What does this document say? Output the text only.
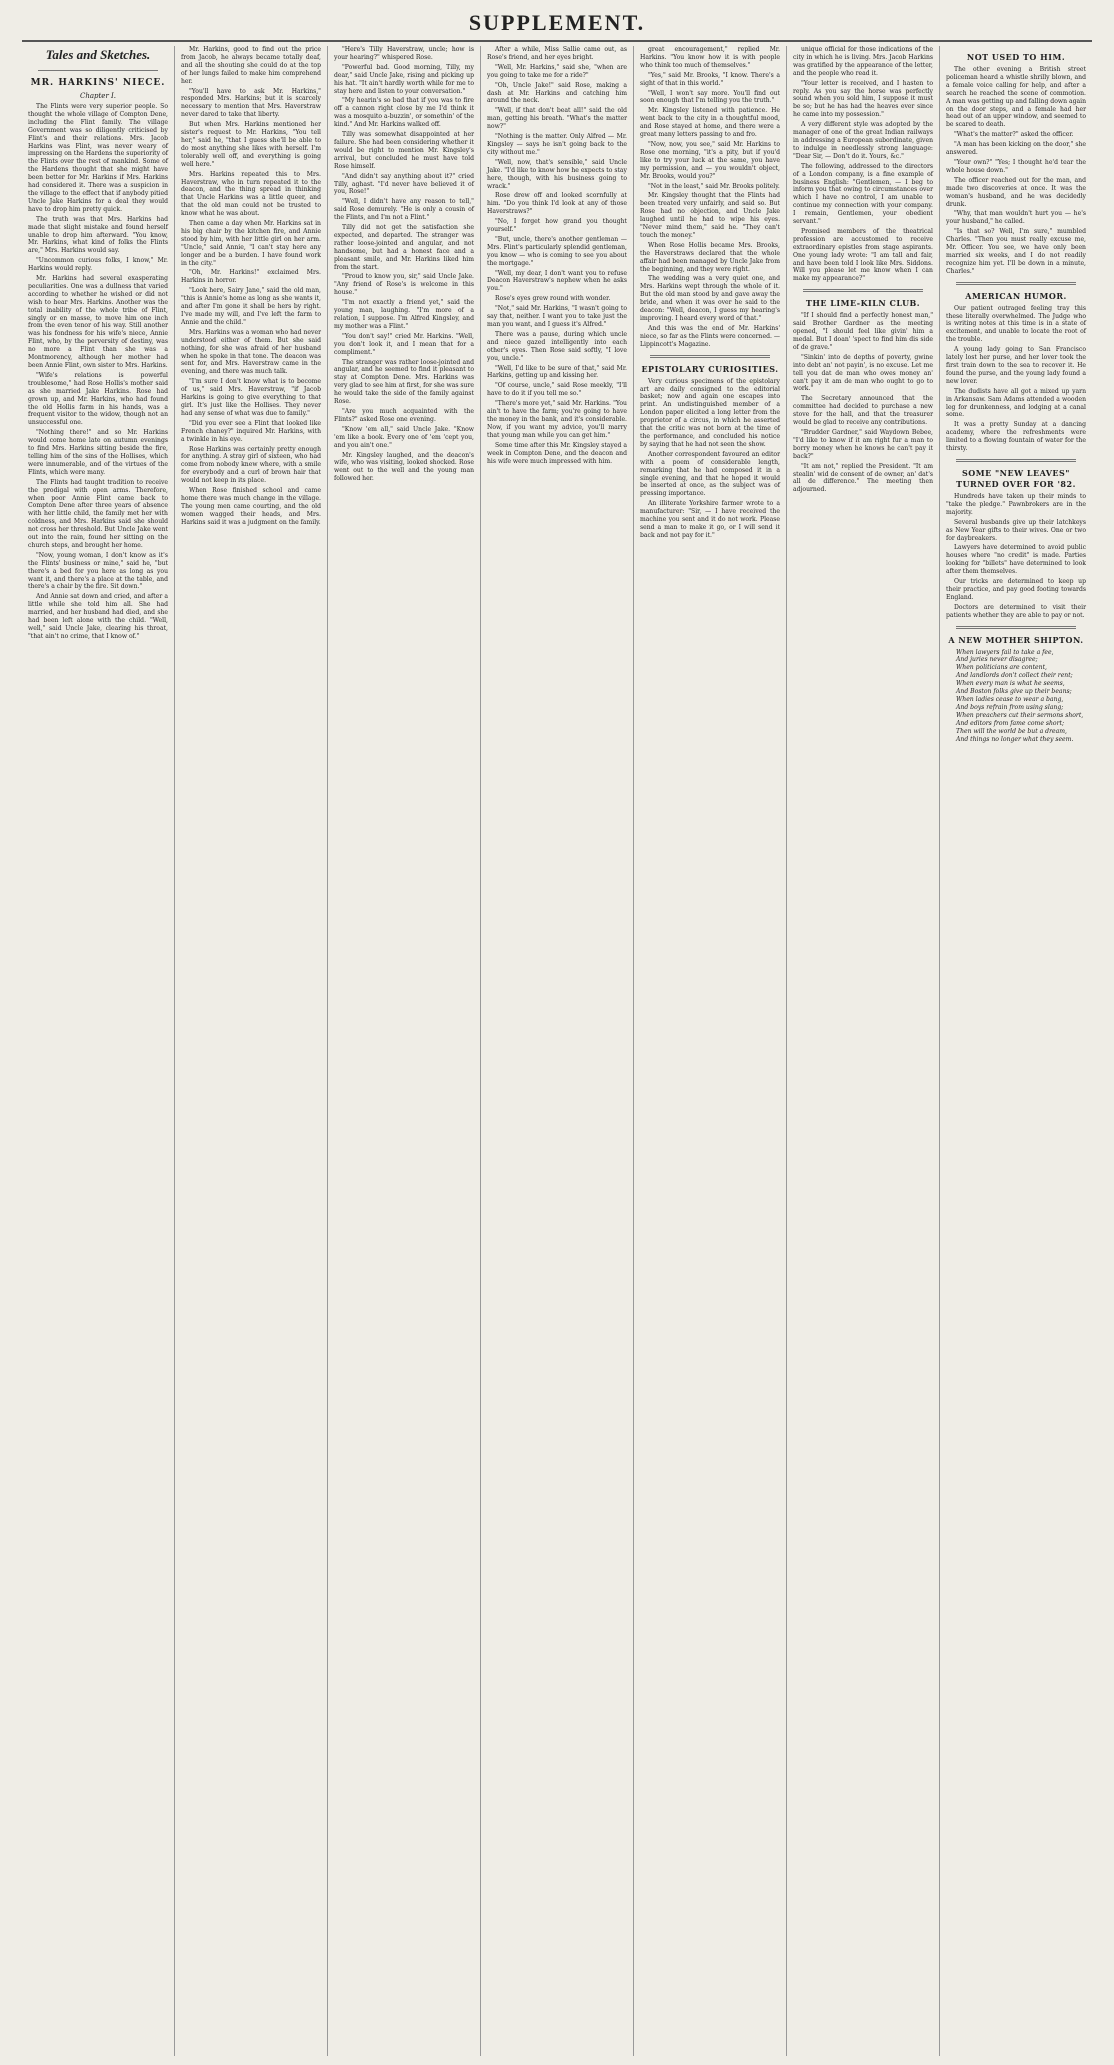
SUPPLEMENT.
Tales and Sketches.
MR. HARKINS' NIECE.
Chapter I.

The Flints were very superior people. So thought the whole village of Compton Dene, including the Flint family. The village Government was so diligently criticised by Flint's and their relations. Mrs. Jacob Harkins was Flint, was never weary of impressing on the Hardens the superiority of the Flints over the rest of mankind. Some of the Hardens thought that she might have been better for Mr. Harkins if Mrs. Harkins had considered it. There was a suspicion in the village to the effect that if anybody pitied Uncle Jake Harkins for a deal they would have to drop him pretty quick.

The truth was that Mrs. Harkins had made that slight mistake and found herself unable to drop him afterward. "You know, Mr. Harkins, what kind of folks the Flints are," Mrs. Harkins would say.

"Uncommon curious folks, I know," Mr. Harkins would reply.

Mr. Harkins had several exasperating peculiarities. One was a dullness that varied according to whether he wished or did not wish to hear Mrs. Harkins. Another was the total inability of the whole tribe of Flint, singly or en masse, to move him one inch from the even tenor of his way. Still another was his fondness for his wife's niece, Annie Flint, who, by the perversity of destiny, was no more a Flint than she was a Montmorency, although her mother had been Annie Flint, own sister to Mrs. Harkins.

"Wife's relations is powerful troublesome," had Rose Hollis's mother said as she married Jake Harkins. Rose had grown up, and Mr. Harkins, who had found the old Hollis farm in his hands, was a frequent visitor to the widow, though not an unsuccessful one.

"Nothing there!" and so Mr. Harkins would come home late on autumn evenings to find Mrs. Harkins sitting beside the fire, telling him of the sins of the Hollises, which were innumerable, and of the virtues of the Flints, which were many.

The Flints had taught tradition to receive the prodigal with open arms. Therefore, when poor Annie Flint came back to Compton Dene after three years of absence with her little child, the family met her with coldness, and Mrs. Harkins said she should not cross her threshold. But Uncle Jake went out into the rain, found her sitting on the church steps, and brought her home.

"Now, young woman, I don't know as it's the Flints' business or mine," said he, "but there's a bed for you here as long as you want it, and there's a place at the table, and there's a chair by the fire. Sit down."

And Annie sat down and cried, and after a little while she told him all. She had married, and her husband had died, and she had been left alone with the child. "Well, well," said Uncle Jake, clearing his throat, "that ain't no crime, that I know of."

Mr. Harkins, good to find out the price from Jacob, he always became totally deaf, and all the shouting she could do at the top of her lungs failed to make him comprehend her.

"You'll have to ask Mr. Harkins," responded Mrs. Harkins; but it is scarcely necessary to mention that Mrs. Haverstraw never dared to take that liberty.

But when Mrs. Harkins mentioned her sister's request to Mr. Harkins, "You tell her," said he, "that I guess she'll be able to do most anything she likes with herself. I'm tolerably well off, and everything is going well here."

Mrs. Harkins repeated this to Mrs. Haverstraw, who in turn repeated it to the deacon, and the thing spread in thinking that Uncle Harkins was a little queer, and that the old man could not be trusted to know what he was about.

Then came a day when Mr. Harkins sat in his big chair by the kitchen fire, and Annie stood by him, with her little girl on her arm. "Uncle," said Annie, "I can't stay here any longer and be a burden. I have found work in the city."

"Oh, Mr. Harkins!" exclaimed Mrs. Harkins in horror.

"Look here, Sairy Jane," said the old man, "this is Annie's home as long as she wants it, and after I'm gone it shall be hers by right. I've made my will, and I've left the farm to Annie and the child."

Mrs. Harkins was a woman who had never understood either of them. But she said nothing, for she was afraid of her husband when he spoke in that tone. The deacon was sent for, and Mrs. Haverstraw came in the evening, and there was much talk.

"I'm sure I don't know what is to become of us," said Mrs. Haverstraw, "if Jacob Harkins is going to give everything to that girl. It's just like the Hollises. They never had any sense of what was due to family."

"Did you ever see a Flint that looked like French chaney?" inquired Mr. Harkins, with a twinkle in his eye.

Rose Harkins was certainly pretty enough for anything. A stray girl of sixteen, who had come from nobody knew where, with a smile for everybody and a curl of brown hair that would not keep in its place.

When Rose finished school and came home there was much change in the village. The young men came courting, and the old women wagged their heads, and Mrs. Harkins said it was a judgment on the family.

"Here's Tilly Haverstraw, uncle; how is your hearing?" whispered Rose.

"Powerful bad. Good morning, Tilly, my dear," said Uncle Jake, rising and picking up his hat. "It ain't hardly worth while for me to stay here and listen to your conversation."

"My hearin's so bad that if you was to fire off a cannon right close by me I'd think it was a mosquito a-buzzin', or somethin' of the kind." And Mr. Harkins walked off.

Tilly was somewhat disappointed at her failure. She had been considering whether it would be right to mention Mr. Kingsley's arrival, but concluded he must have told Rose himself.

"And didn't say anything about it?" cried Tilly, aghast. "I'd never have believed it of you, Rose!"

"Well, I didn't have any reason to tell," said Rose demurely. "He is only a cousin of the Flints, and I'm not a Flint."

Tilly did not get the satisfaction she expected, and departed. The stranger was rather loose-jointed and angular, and not handsome, but had a honest face and a pleasant smile, and Mr. Harkins liked him from the start.

"Proud to know you, sir," said Uncle Jake. "Any friend of Rose's is welcome in this house."

"I'm not exactly a friend yet," said the young man, laughing. "I'm more of a relation, I suppose. I'm Alfred Kingsley, and my mother was a Flint."

"You don't say!" cried Mr. Harkins. "Well, you don't look it, and I mean that for a compliment."

The stranger was rather loose-jointed and angular, and he seemed to find it pleasant to stay at Compton Dene. Mrs. Harkins was very glad to see him at first, for she was sure he would take the side of the family against Rose.

"Are you much acquainted with the Flints?" asked Rose one evening.

"Know 'em all," said Uncle Jake. "Know 'em like a book. Every one of 'em 'cept you, and you ain't one."

Mr. Kingsley laughed, and the deacon's wife, who was visiting, looked shocked. Rose went out to the well and the young man followed her.

After a while, Miss Sallie came out, as Rose's friend, and her eyes bright.

"Well, Mr. Harkins," said she, "when are you going to take me for a ride?"

"Oh, Uncle Jake!" said Rose, making a dash at Mr. Harkins and catching him around the neck.

"Well, if that don't beat all!" said the old man, getting his breath. "What's the matter now?"

"Nothing is the matter. Only Alfred — Mr. Kingsley — says he isn't going back to the city without me."

"Well, now, that's sensible," said Uncle Jake. "I'd like to know how he expects to stay here, though, with his business going to wrack."

Rose drew off and looked scornfully at him. "Do you think I'd look at any of those Haverstraws?"

"No, I forget how grand you thought yourself."

"But, uncle, there's another gentleman — Mrs. Flint's particularly splendid gentleman, you know — who is coming to see you about the mortgage."

"Well, my dear, I don't want you to refuse Deacon Haverstraw's nephew when he asks you."

Rose's eyes grew round with wonder.

"Not," said Mr. Harkins, "I wasn't going to say that, neither. I want you to take just the man you want, and I guess it's Alfred."

There was a pause, during which uncle and niece gazed intelligently into each other's eyes. Then Rose said softly, "I love you, uncle."

"Well, I'd like to be sure of that," said Mr. Harkins, getting up and kissing her.

"Of course, uncle," said Rose meekly, "I'll have to do it if you tell me so."

"There's more yet," said Mr. Harkins. "You ain't to have the farm; you're going to have the money in the bank, and it's considerable. Now, if you want my advice, you'll marry that young man while you can get him."

Some time after this Mr. Kingsley stayed a week in Compton Dene, and the deacon and his wife were much impressed with him.

great encouragement," replied Mr. Harkins. "You know how it is with people who think too much of themselves."

"Yes," said Mr. Brooks, "I know. There's a sight of that in this world."

"Well, I won't say more. You'll find out soon enough that I'm telling you the truth."

Mr. Kingsley listened with patience. He went back to the city in a thoughtful mood, and Rose stayed at home, and there were a great many letters passing to and fro.

"Now, now, you see," said Mr. Harkins to Rose one morning, "it's a pity, but if you'd like to try your luck at the same, you have my permission, and — you wouldn't object, Mr. Brooks, would you?"

"Not in the least," said Mr. Brooks politely.

Mr. Kingsley thought that the Flints had been treated very unfairly, and said so. But Rose had no objection, and Uncle Jake laughed until he had to wipe his eyes. "Never mind them," said he. "They can't touch the money."

When Rose Hollis became Mrs. Brooks, the Haverstraws declared that the whole affair had been managed by Uncle Jake from the beginning, and they were right.

The wedding was a very quiet one, and Mrs. Harkins wept through the whole of it. But the old man stood by and gave away the bride, and when it was over he said to the deacon: "Well, deacon, I guess my hearing's improving. I heard every word of that."

And this was the end of Mr. Harkins' niece, so far as the Flints were concerned. — Lippincott's Magazine.

EPISTOLARY CURIOSITIES.

Very curious specimens of the epistolary art are daily consigned to the editorial basket; now and again one escapes into print. An undistinguished member of a London paper elicited a long letter from the proprietor of a circus, in which he asserted that the critic was not born at the time of the performance, and concluded his notice by saying that he had not seen the show.

Another correspondent favoured an editor with a poem of considerable length, remarking that he had composed it in a single evening, and that he hoped it would be inserted at once, as the subject was of pressing importance.

An illiterate Yorkshire farmer wrote to a manufacturer: "Sir, — I have received the machine you sent and it do not work. Please send a man to make it go, or I will send it back and not pay for it."

unique official for those indications of the city in which he is living. Mrs. Jacob Harkins was gratified by the appearance of the letter, and the people who read it.

"Your letter is received, and I hasten to reply. As you say the horse was perfectly sound when you sold him, I suppose it must be so; but he has had the heaves ever since he came into my possession."

A very different style was adopted by the manager of one of the great Indian railways in addressing a European subordinate, given to indulge in needlessly strong language: "Dear Sir, — Don't do it. Yours, &c."

The following, addressed to the directors of a London company, is a fine example of business English: "Gentlemen, — I beg to inform you that owing to circumstances over which I have no control, I am unable to continue my connection with your company. I remain, Gentlemen, your obedient servant."

Promised members of the theatrical profession are accustomed to receive extraordinary epistles from stage aspirants. One young lady wrote: "I am tall and fair, and have been told I look like Mrs. Siddons. Will you please let me know when I can make my appearance?"

THE LIME-KILN CLUB.

"If I should find a perfectly honest man," said Brother Gardner as the meeting opened, "I should feel like givin' him a medal. But I doan' 'spect to find him dis side of de grave."

"Sinkin' into de depths of poverty, gwine into debt an' not payin', is no excuse. Let me tell you dat de man who owes money an' can't pay it am de man who ought to go to work."

The Secretary announced that the committee had decided to purchase a new stove for the hall, and that the treasurer would be glad to receive any contributions.

"Brudder Gardner," said Waydown Bebee, "I'd like to know if it am right fur a man to borry money when he knows he can't pay it back?"

"It am not," replied the President. "It am stealin' wid de consent of de owner, an' dat's all de difference." The meeting then adjourned.

NOT USED TO HIM.

The other evening a British street policeman heard a whistle shrilly blown, and a female voice calling for help, and after a search he reached the scene of commotion. A man was getting up and falling down again on the door steps, and a female had her head out of an upper window, and seemed to be scared to death.

"What's the matter?" asked the officer.

"A man has been kicking on the door," she answered.

"Your own?" "Yes; I thought he'd tear the whole house down."

The officer reached out for the man, and made two discoveries at once. It was the woman's husband, and he was decidedly drunk.

"Why, that man wouldn't hurt you — he's your husband," he called.

"Is that so? Well, I'm sure," mumbled Charles. "Then you must really excuse me, Mr. Officer. You see, we have only been married six weeks, and I do not readily recognize him yet. I'll be down in a minute, Charles."

AMERICAN HUMOR.

Our patient outraged feeling tray this these literally overwhelmed. The Judge who is writing notes at this time is in a state of excitement, and unable to locate the root of the trouble.

A young lady going to San Francisco lately lost her purse, and her lover took the first train down to the sea to recover it. He found the purse, and the young lady found a new lover.

The dudists have all got a mixed up yarn in Arkansaw. Sam Adams attended a wooden leg for drunkenness, and lodging at a canal some.

It was a pretty Sunday at a dancing academy, where the refreshments were limited to a flowing fountain of water for the thirsty.

SOME "NEW LEAVES" TURNED OVER FOR '82.

Hundreds have taken up their minds to "take the pledge." Pawnbrokers are in the majority.

Several husbands give up their latchkeys as New Year gifts to their wives. One or two for daybreakers.

Lawyers have determined to avoid public houses where "no credit" is made. Parties looking for "billets" have determined to look after them themselves.

Our tricks are determined to keep up their practice, and pay good footing towards England.

Doctors are determined to visit their patients whether they are able to pay or not.

A NEW MOTHER SHIPTON.
When lawyers fail to take a fee,
And juries never disagree;
When politicians are content,
And landlords don't collect their rent;
When every man is what he seems,
And Boston folks give up their beans;
When ladies cease to wear a bang,
And boys refrain from using slang;
When preachers cut their sermons short,
And editors from fame come short;
Then will the world be but a dream,
And things no longer what they seem.
